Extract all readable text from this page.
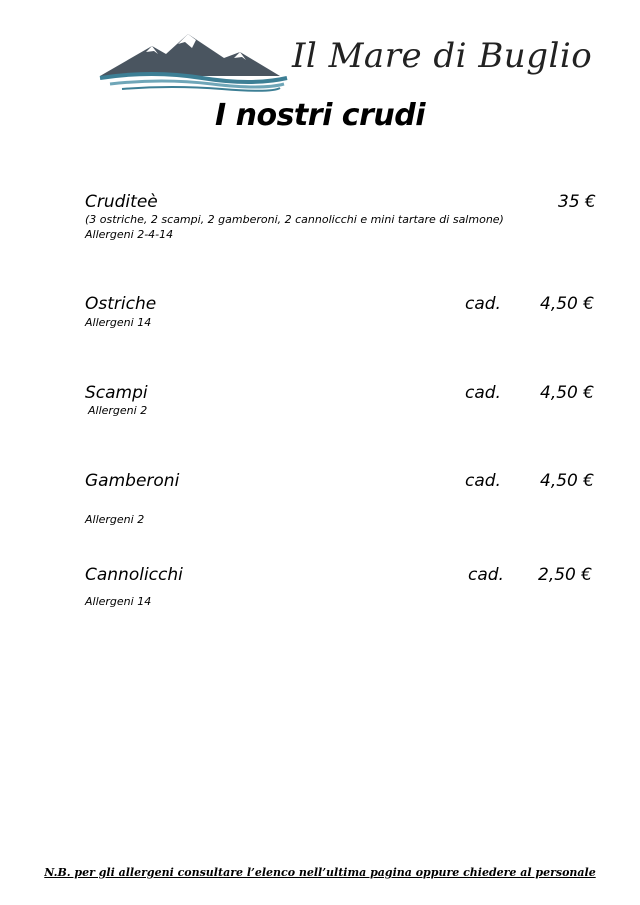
Il Mare di Buglio
I nostri crudi
Cruditeè	35 €
(3 ostriche, 2 scampi, 2 gamberoni, 2 cannolicchi e mini tartare di salmone)
Allergeni 2-4-14
Ostriche	cad. 4,50 €
Allergeni 14
Scampi	cad. 4,50 €
Allergeni 2
Gamberoni	cad. 4,50 €
Allergeni 2
Cannolicchi	cad. 2,50 €
Allergeni 14
N.B. per gli allergeni consultare l’elenco nell’ultima pagina oppure chiedere al personale
